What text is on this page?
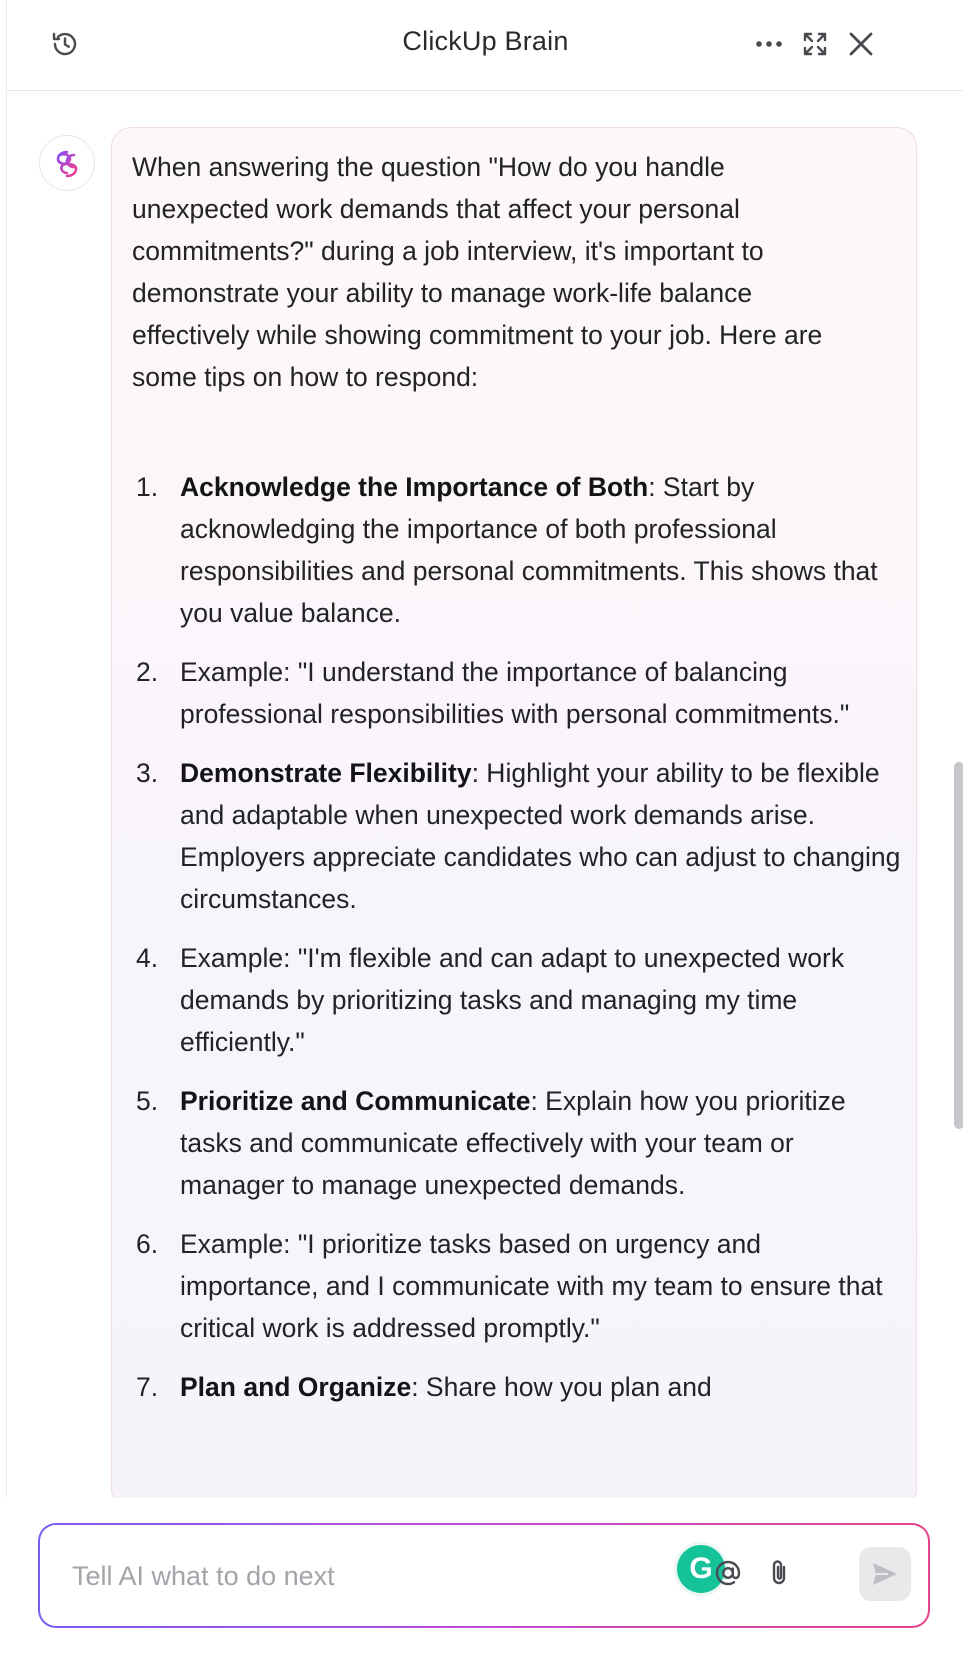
ClickUp Brain

When answering the question "How do you handle unexpected work demands that affect your personal commitments?" during a job interview, it's important to demonstrate your ability to manage work-life balance effectively while showing commitment to your job. Here are some tips on how to respond:

1. Acknowledge the Importance of Both: Start by acknowledging the importance of both professional responsibilities and personal commitments. This shows that you value balance.
2. Example: "I understand the importance of balancing professional responsibilities with personal commitments."
3. Demonstrate Flexibility: Highlight your ability to be flexible and adaptable when unexpected work demands arise. Employers appreciate candidates who can adjust to changing circumstances.
4. Example: "I'm flexible and can adapt to unexpected work demands by prioritizing tasks and managing my time efficiently."
5. Prioritize and Communicate: Explain how you prioritize tasks and communicate effectively with your team or manager to manage unexpected demands.
6. Example: "I prioritize tasks based on urgency and importance, and I communicate with my team to ensure that critical work is addressed promptly."
7. Plan and Organize: Share how you plan and
Tell AI what to do next
G
